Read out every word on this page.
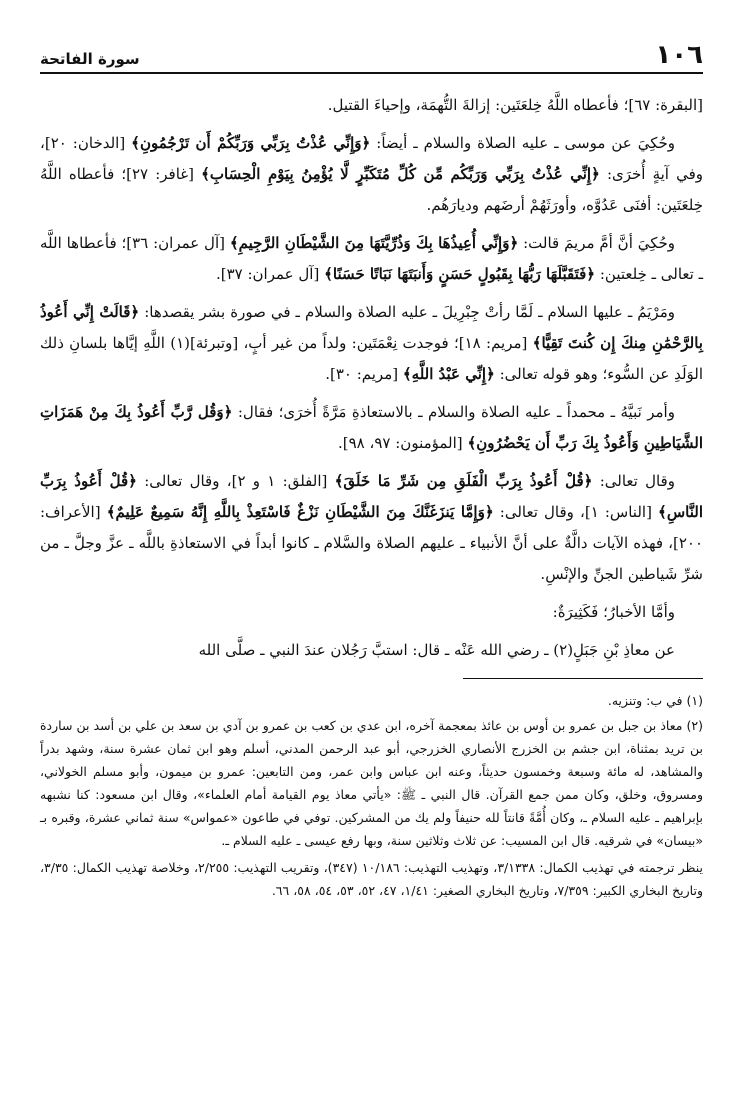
١٠٦
سورة الفاتحة

[البقرة: ٦٧]؛ فأعطاه اللَّهُ خِلعَتَين: إزالةَ التُّهمَة، وإحياءَ القتيل.

وحُكِيَ عن موسى ـ عليه الصلاة والسلام ـ أيضاً: ﴿وَإِنِّي عُذْتُ بِرَبِّي وَرَبِّكُمْ أَن تَرْجُمُونِ﴾ [الدخان: ٢٠]، وفي آيةٍ أُخرَى: ﴿إِنِّي عُذْتُ بِرَبِّي وَرَبِّكُم مِّن كُلِّ مُتَكَبِّرٍ لَّا يُؤْمِنُ بِيَوْمِ الْحِسَابِ﴾ [غافر: ٢٧]؛ فأعطاه اللَّهُ خِلعَتَين: أفنَى عَدُوَّه، وأورَثَهُمْ أرضَهم وديارَهُم.

وحُكِيَ أنَّ أمَّ مريمَ قالت: ﴿وَإِنِّي أُعِيذُهَا بِكَ وَذُرِّيَّتَهَا مِنَ الشَّيْطَانِ الرَّجِيمِ﴾ [آل عمران: ٣٦]؛ فأعطاها اللَّه ـ تعالى ـ خِلعتين: ﴿فَتَقَبَّلَهَا رَبُّهَا بِقَبُولٍ حَسَنٍ وَأَنبَتَهَا نَبَاتًا حَسَنًا﴾ [آل عمران: ٣٧].

ومَرْيَمُ ـ عليها السلام ـ لَمَّا رأتْ جِبْرِيلَ ـ عليه الصلاة والسلام ـ في صورة بشر يقصدها: ﴿قَالَتْ إِنِّي أَعُوذُ بِالرَّحْمَٰنِ مِنكَ إِن كُنتَ تَقِيًّا﴾ [مريم: ١٨]؛ فوجدت نِعْمَتَين: ولداً من غير أبٍ، [وتبرئة](١) اللَّهِ إيَّاها بلسانِ ذلك الوَلَدِ عن السُّوء؛ وهو قوله تعالى: ﴿إِنِّي عَبْدُ اللَّهِ﴾ [مريم: ٣٠].

وأمر نَبيَّهُ ـ محمداً ـ عليه الصلاة والسلام ـ بالاستعاذةِ مَرَّةً أُخرَى؛ فقال: ﴿وَقُل رَّبِّ أَعُوذُ بِكَ مِنْ هَمَزَاتِ الشَّيَاطِينِ وَأَعُوذُ بِكَ رَبِّ أَن يَحْضُرُونِ﴾ [المؤمنون: ٩٧، ٩٨].

وقال تعالى: ﴿قُلْ أَعُوذُ بِرَبِّ الْفَلَقِ مِن شَرِّ مَا خَلَقَ﴾ [الفلق: ١ و ٢]، وقال تعالى: ﴿قُلْ أَعُوذُ بِرَبِّ النَّاسِ﴾ [الناس: ١]، وقال تعالى: ﴿وَإِمَّا يَنزَغَنَّكَ مِنَ الشَّيْطَانِ نَزْغٌ فَاسْتَعِذْ بِاللَّهِ إِنَّهُ سَمِيعٌ عَلِيمٌ﴾ [الأعراف: ٢٠٠]، فهذه الآيات دالَّةٌ على أنَّ الأنبياء ـ عليهم الصلاة والسَّلام ـ كانوا أبداً في الاستعاذةِ باللَّه ـ عزَّ وجلَّ ـ من شرِّ شَياطين الجنِّ والإنْسِ.

وأمَّا الأخبارُ؛ فَكَثِيرَةٌ:

عن معاذِ بْنِ جَبَلٍ(٢) ـ رضي الله عَنْه ـ قال: استبَّ رَجُلان عندَ النبي ـ صلَّى الله

(١) في ب: وتنزيه.

(٢) معاذ بن جبل بن عمرو بن أوس بن عائذ بمعجمة آخره، ابن عدي بن كعب بن عمرو بن آدي بن سعد بن علي بن أسد بن ساردة بن تريد بمثناة، ابن جشم بن الخزرج الأنصاري الخزرجي، أبو عبد الرحمن المدني، أسلم وهو ابن ثمان عشرة سنة، وشهد بدراً والمشاهد، له مائة وسبعة وخمسون حديثاً، وعنه ابن عباس وابن عمر، ومن التابعين: عمرو بن ميمون، وأبو مسلم الخولاني، ومسروق، وخلق، وكان ممن جمع القرآن. قال النبي ـ ﷺ: «يأتي معاذ يوم القيامة أمام العلماء»، وقال ابن مسعود: كنا نشبهه بإبراهيم ـ عليه السلام ـ، وكان أُمَّةً قانتاً لله حنيفاً ولم يك من المشركين. توفي في طاعون «عمواس» سنة ثماني عشرة، وقبره بـ «بيسان» في شرقيه. قال ابن المسيب: عن ثلاث وثلاثين سنة، وبها رفع عيسى ـ عليه السلام ـ.

ينظر ترجمته في تهذيب الكمال: ٣/١٣٣٨، وتهذيب التهذيب: ١٠/١٨٦ (٣٤٧)، وتقريب التهذيب: ٢/٢٥٥، وخلاصة تهذيب الكمال: ٣/٣٥، وتاريخ البخاري الكبير: ٧/٣٥٩، وتاريخ البخاري الصغير: ١/٤١، ٤٧، ٥٢، ٥٣، ٥٤، ٥٨، ٦٦.
